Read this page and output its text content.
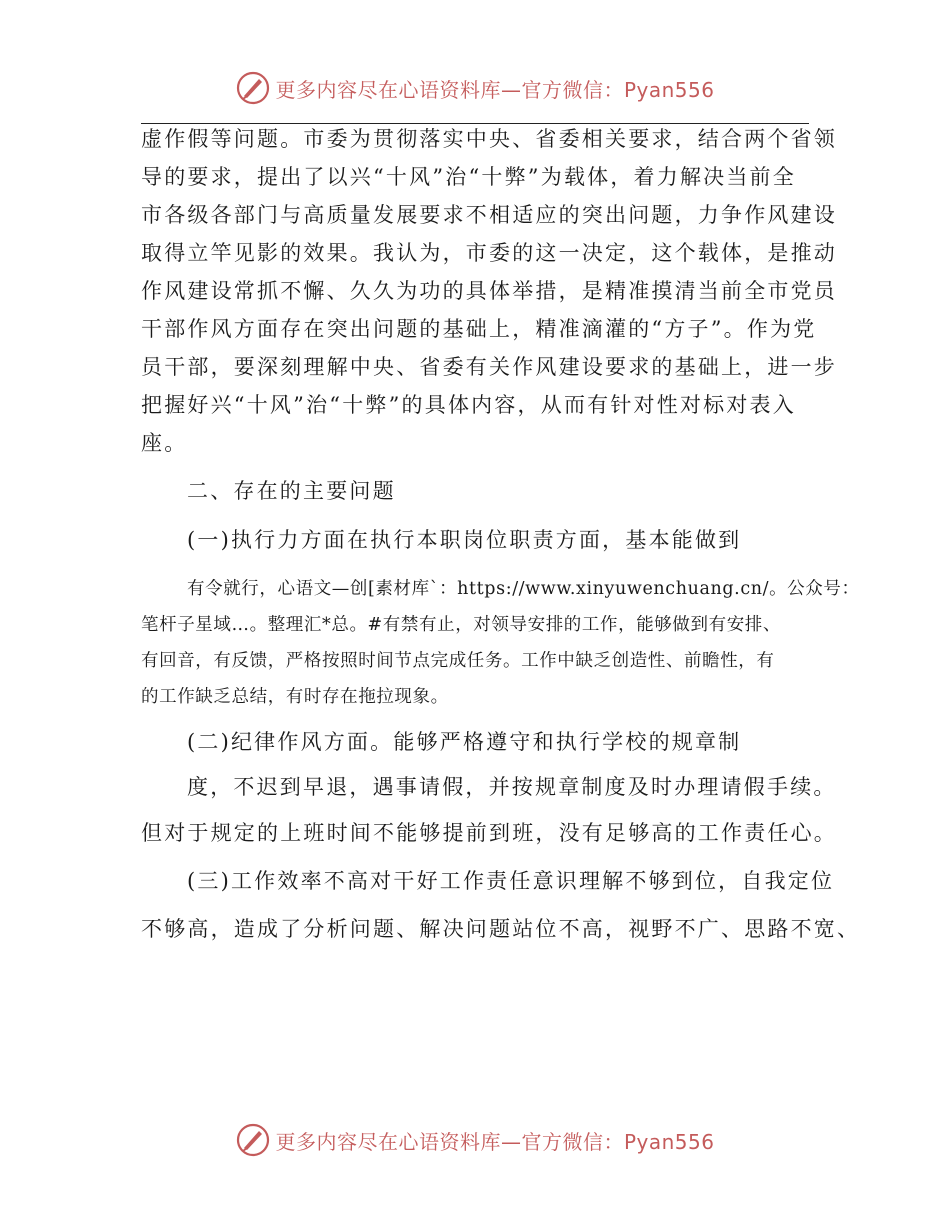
更多内容尽在心语资料库—官方微信：Pyan556
虚作假等问题。市委为贯彻落实中央、省委相关要求，结合两个省领
导的要求，提出了以兴“十风”治“十弊”为载体，着力解决当前全
市各级各部门与高质量发展要求不相适应的突出问题，力争作风建设
取得立竿见影的效果。我认为，市委的这一决定，这个载体，是推动
作风建设常抓不懈、久久为功的具体举措，是精准摸清当前全市党员
干部作风方面存在突出问题的基础上，精准滴灌的“方子”。作为党
员干部，要深刻理解中央、省委有关作风建设要求的基础上，进一步
把握好兴“十风”治“十弊”的具体内容，从而有针对性对标对表入
座。
二、存在的主要问题
(一)执行力方面在执行本职岗位职责方面，基本能做到
有令就行，心语文—创[素材库`：https://www.xinyuwenchuang.cn/。公众号：
笔杆子星域…。整理汇*总。#有禁有止，对领导安排的工作，能够做到有安排、
有回音，有反馈，严格按照时间节点完成任务。工作中缺乏创造性、前瞻性，有
的工作缺乏总结，有时存在拖拉现象。
(二)纪律作风方面。能够严格遵守和执行学校的规章制
度，不迟到早退，遇事请假，并按规章制度及时办理请假手续。
但对于规定的上班时间不能够提前到班，没有足够高的工作责任心。
(三)工作效率不高对干好工作责任意识理解不够到位，自我定位
不够高，造成了分析问题、解决问题站位不高，视野不广、思路不宽、
更多内容尽在心语资料库—官方微信：Pyan556
